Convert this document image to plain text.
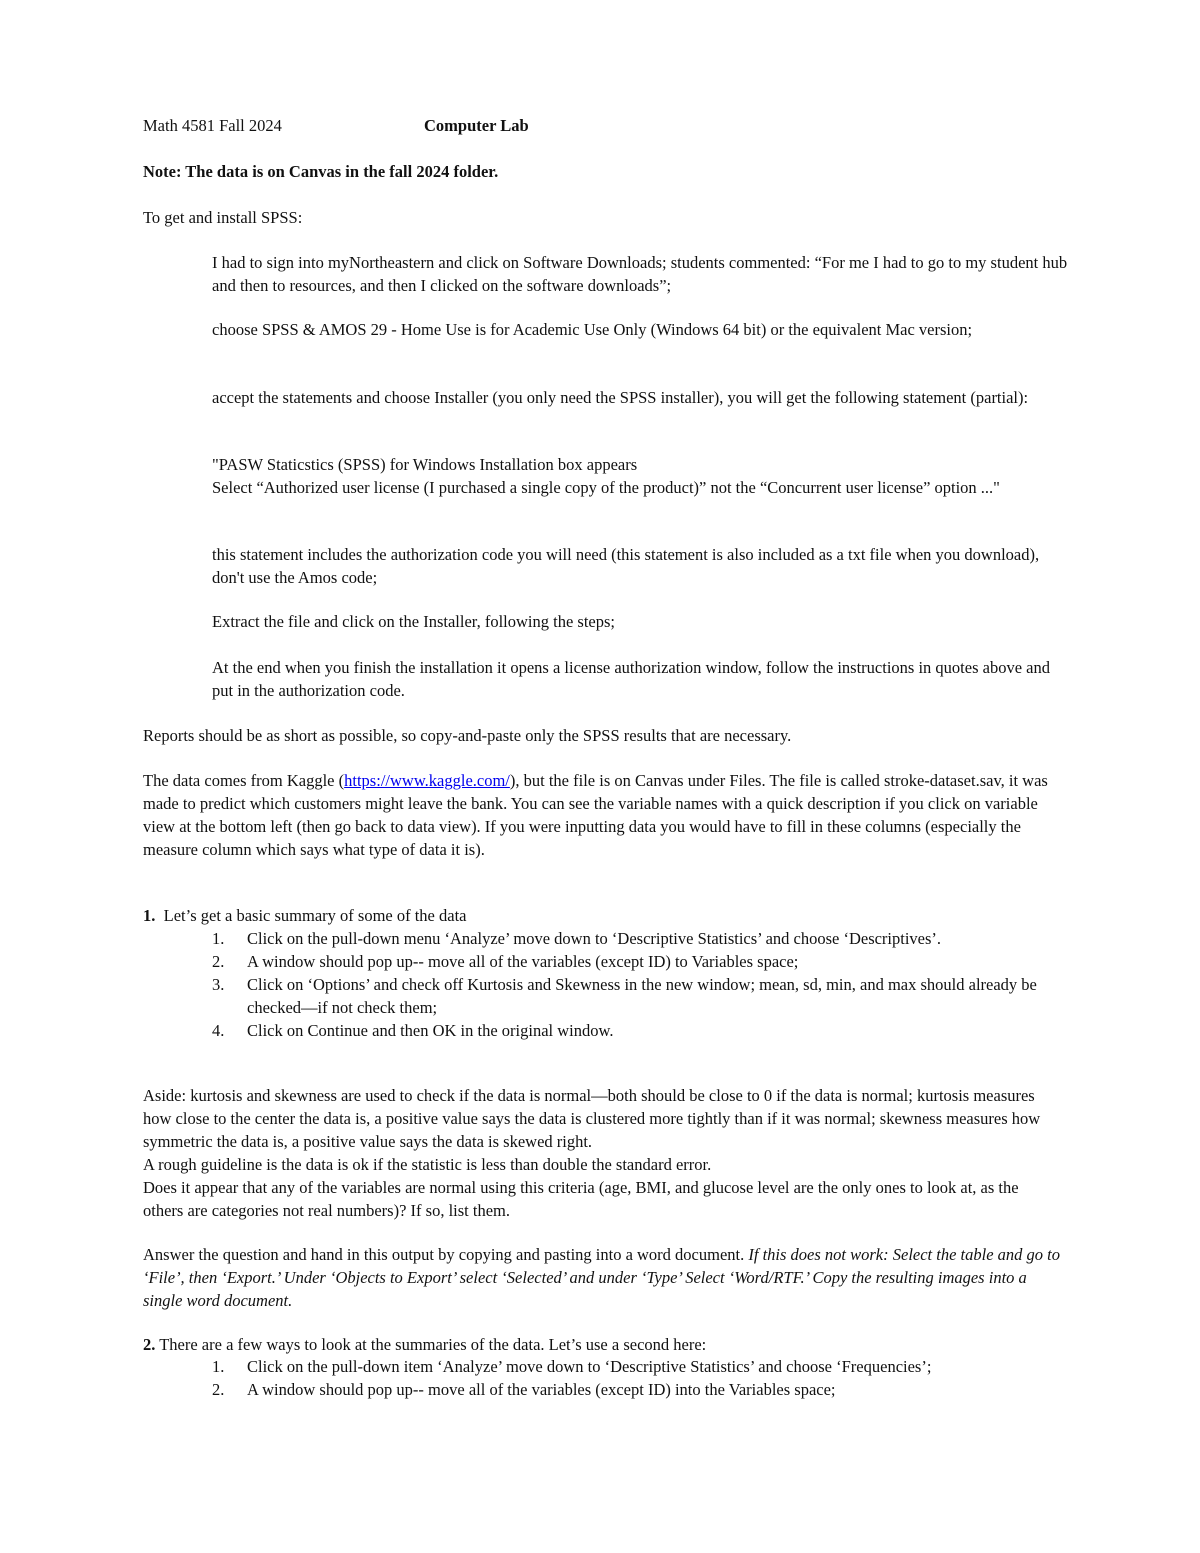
Math 4581 Fall 2024	Computer Lab

Note: The data is on Canvas in the fall 2024 folder.

To get and install SPSS:

I had to sign into myNortheastern and click on Software Downloads; students commented: “For me I had to go to my student hub and then to resources, and then I clicked on the software downloads”;

choose SPSS & AMOS 29 - Home Use is for Academic Use Only (Windows 64 bit) or the equivalent Mac version;

accept the statements and choose Installer (you only need the SPSS installer), you will get the following statement (partial):

"PASW Staticstics (SPSS) for Windows Installation box appears
Select “Authorized user license (I purchased a single copy of the product)” not the “Concurrent user license” option ..."

this statement includes the authorization code you will need (this statement is also included as a txt file when you download), don't use the Amos code;

Extract the file and click on the Installer, following the steps;

At the end when you finish the installation it opens a license authorization window, follow the instructions in quotes above and put in the authorization code.

Reports should be as short as possible, so copy-and-paste only the SPSS results that are necessary.

The data comes from Kaggle (https://www.kaggle.com/), but the file is on Canvas under Files. The file is called stroke-dataset.sav, it was made to predict which customers might leave the bank. You can see the variable names with a quick description if you click on variable view at the bottom left (then go back to data view). If you were inputting data you would have to fill in these columns (especially the measure column which says what type of data it is).

1. Let’s get a basic summary of some of the data
1. Click on the pull-down menu ‘Analyze’ move down to ‘Descriptive Statistics’ and choose ‘Descriptives’.
2. A window should pop up-- move all of the variables (except ID) to Variables space;
3. Click on ‘Options’ and check off Kurtosis and Skewness in the new window; mean, sd, min, and max should already be checked—if not check them;
4. Click on Continue and then OK in the original window.
Aside: kurtosis and skewness are used to check if the data is normal—both should be close to 0 if the data is normal; kurtosis measures how close to the center the data is, a positive value says the data is clustered more tightly than if it was normal; skewness measures how symmetric the data is, a positive value says the data is skewed right.
A rough guideline is the data is ok if the statistic is less than double the standard error.
Does it appear that any of the variables are normal using this criteria (age, BMI, and glucose level are the only ones to look at, as the others are categories not real numbers)? If so, list them.

Answer the question and hand in this output by copying and pasting into a word document. If this does not work: Select the table and go to ‘File’, then ‘Export.’ Under ‘Objects to Export’ select ‘Selected’ and under ‘Type’ Select ‘Word/RTF.’ Copy the resulting images into a single word document.

2. There are a few ways to look at the summaries of the data. Let’s use a second here:
1. Click on the pull-down item ‘Analyze’ move down to ‘Descriptive Statistics’ and choose ‘Frequencies’;
2. A window should pop up-- move all of the variables (except ID) into the Variables space;
